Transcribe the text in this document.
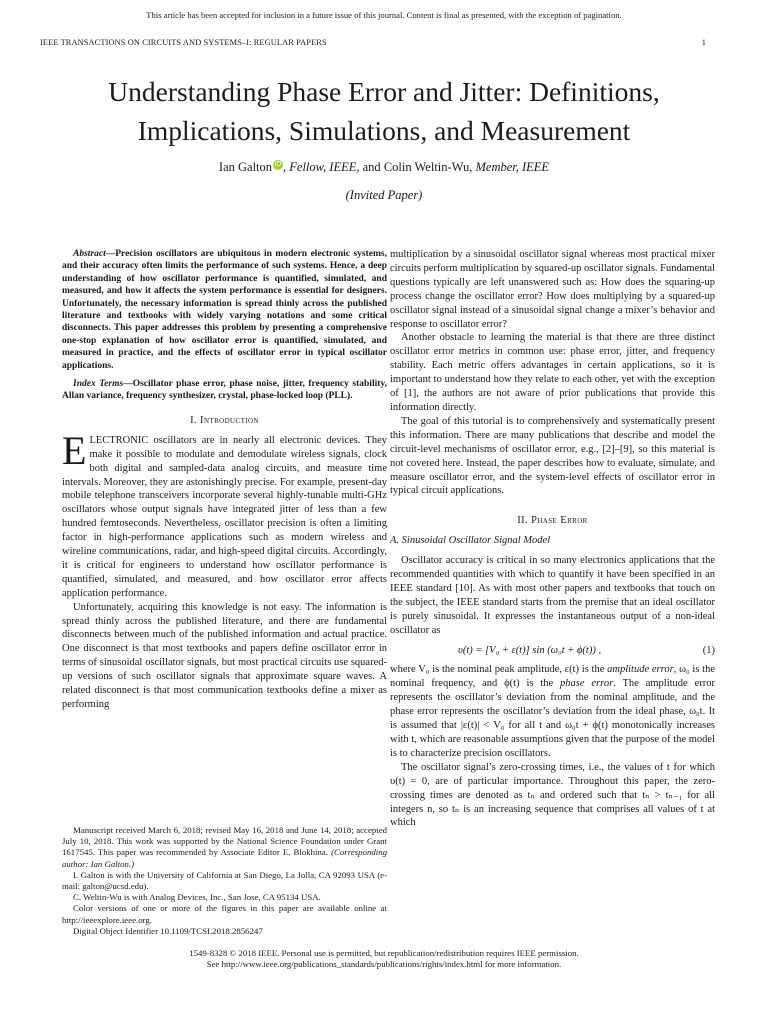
This article has been accepted for inclusion in a future issue of this journal. Content is final as presented, with the exception of pagination.
IEEE TRANSACTIONS ON CIRCUITS AND SYSTEMS–I: REGULAR PAPERS	1
Understanding Phase Error and Jitter: Definitions,
Implications, Simulations, and Measurement
Ian Galton iD , Fellow, IEEE, and Colin Weltin-Wu, Member, IEEE
(Invited Paper)

Abstract—Precision oscillators are ubiquitous in modern electronic systems, and their accuracy often limits the performance of such systems. Hence, a deep understanding of how oscillator performance is quantified, simulated, and measured, and how it affects the system performance is essential for designers. Unfortunately, the necessary information is spread thinly across the published literature and textbooks with widely varying notations and some critical disconnects. This paper addresses this problem by presenting a comprehensive one-stop explanation of how oscillator error is quantified, simulated, and measured in practice, and the effects of oscillator error in typical oscillator applications.

Index Terms—Oscillator phase error, phase noise, jitter, frequency stability, Allan variance, frequency synthesizer, crystal, phase-locked loop (PLL).

I. Introduction

ELECTRONIC oscillators are in nearly all electronic devices. They make it possible to modulate and demodulate wireless signals, clock both digital and sampled-data analog circuits, and measure time intervals. Moreover, they are astonishingly precise. For example, present-day mobile telephone transceivers incorporate several highly-tunable multi-GHz oscillators whose output signals have integrated jitter of less than a few hundred femtoseconds. Nevertheless, oscillator precision is often a limiting factor in high-performance applications such as modern wireless and wireline communications, radar, and high-speed digital circuits. Accordingly, it is critical for engineers to understand how oscillator performance is quantified, simulated, and measured, and how oscillator error affects application performance.

Unfortunately, acquiring this knowledge is not easy. The information is spread thinly across the published literature, and there are fundamental disconnects between much of the published information and actual practice. One disconnect is that most textbooks and papers define oscillator error in terms of sinusoidal oscillator signals, but most practical circuits use squared-up versions of such oscillator signals that approximate square waves. A related disconnect is that most communication textbooks define a mixer as performing

Manuscript received March 6, 2018; revised May 16, 2018 and June 14, 2018; accepted July 10, 2018. This work was supported by the National Science Foundation under Grant 1617545. This paper was recommended by Associate Editor E. Blokhina. (Corresponding author: Ian Galton.)

I. Galton is with the University of California at San Diego, La Jolla, CA 92093 USA (e-mail: galton@ucsd.edu).

C. Weltin-Wu is with Analog Devices, Inc., San Jose, CA 95134 USA.

Color versions of one or more of the figures in this paper are available online at http://ieeexplore.ieee.org.

Digital Object Identifier 10.1109/TCSI.2018.2856247

multiplication by a sinusoidal oscillator signal whereas most practical mixer circuits perform multiplication by squared-up oscillator signals. Fundamental questions typically are left unanswered such as: How does the squaring-up process change the oscillator error? How does multiplying by a squared-up oscillator signal instead of a sinusoidal signal change a mixer’s behavior and response to oscillator error?

Another obstacle to learning the material is that there are three distinct oscillator error metrics in common use: phase error, jitter, and frequency stability. Each metric offers advantages in certain applications, so it is important to understand how they relate to each other, yet with the exception of [1], the authors are not aware of prior publications that provide this information directly.

The goal of this tutorial is to comprehensively and systematically present this information. There are many publications that describe and model the circuit-level mechanisms of oscillator error, e.g., [2]–[9], so this material is not covered here. Instead, the paper describes how to evaluate, simulate, and measure oscillator error, and the system-level effects of oscillator error in typical circuit applications.

II. Phase Error
A. Sinusoidal Oscillator Signal Model

Oscillator accuracy is critical in so many electronics applications that the recommended quantities with which to quantify it have been specified in an IEEE standard [10]. As with most other papers and textbooks that touch on the subject, the IEEE standard starts from the premise that an ideal oscillator is purely sinusoidal. It expresses the instantaneous output of a non-ideal oscillator as

υ(t) = [V₀ + ε(t)] sin (ω₀t + ϕ(t)) ,	(1)

where V₀ is the nominal peak amplitude, ε(t) is the amplitude error, ω₀ is the nominal frequency, and ϕ(t) is the phase error. The amplitude error represents the oscillator’s deviation from the nominal amplitude, and the phase error represents the oscillator’s deviation from the ideal phase, ω₀t. It is assumed that |ε(t)| < V₀ for all t and ω₀t + ϕ(t) monotonically increases with t, which are reasonable assumptions given that the purpose of the model is to characterize precision oscillators.

The oscillator signal’s zero-crossing times, i.e., the values of t for which υ(t) = 0, are of particular importance. Throughout this paper, the zero-crossing times are denoted as tₙ and ordered such that tₙ > tₙ₋₁ for all integers n, so tₙ is an increasing sequence that comprises all values of t at which

1549-8328 © 2018 IEEE. Personal use is permitted, but republication/redistribution requires IEEE permission.
See http://www.ieee.org/publications_standards/publications/rights/index.html for more information.
